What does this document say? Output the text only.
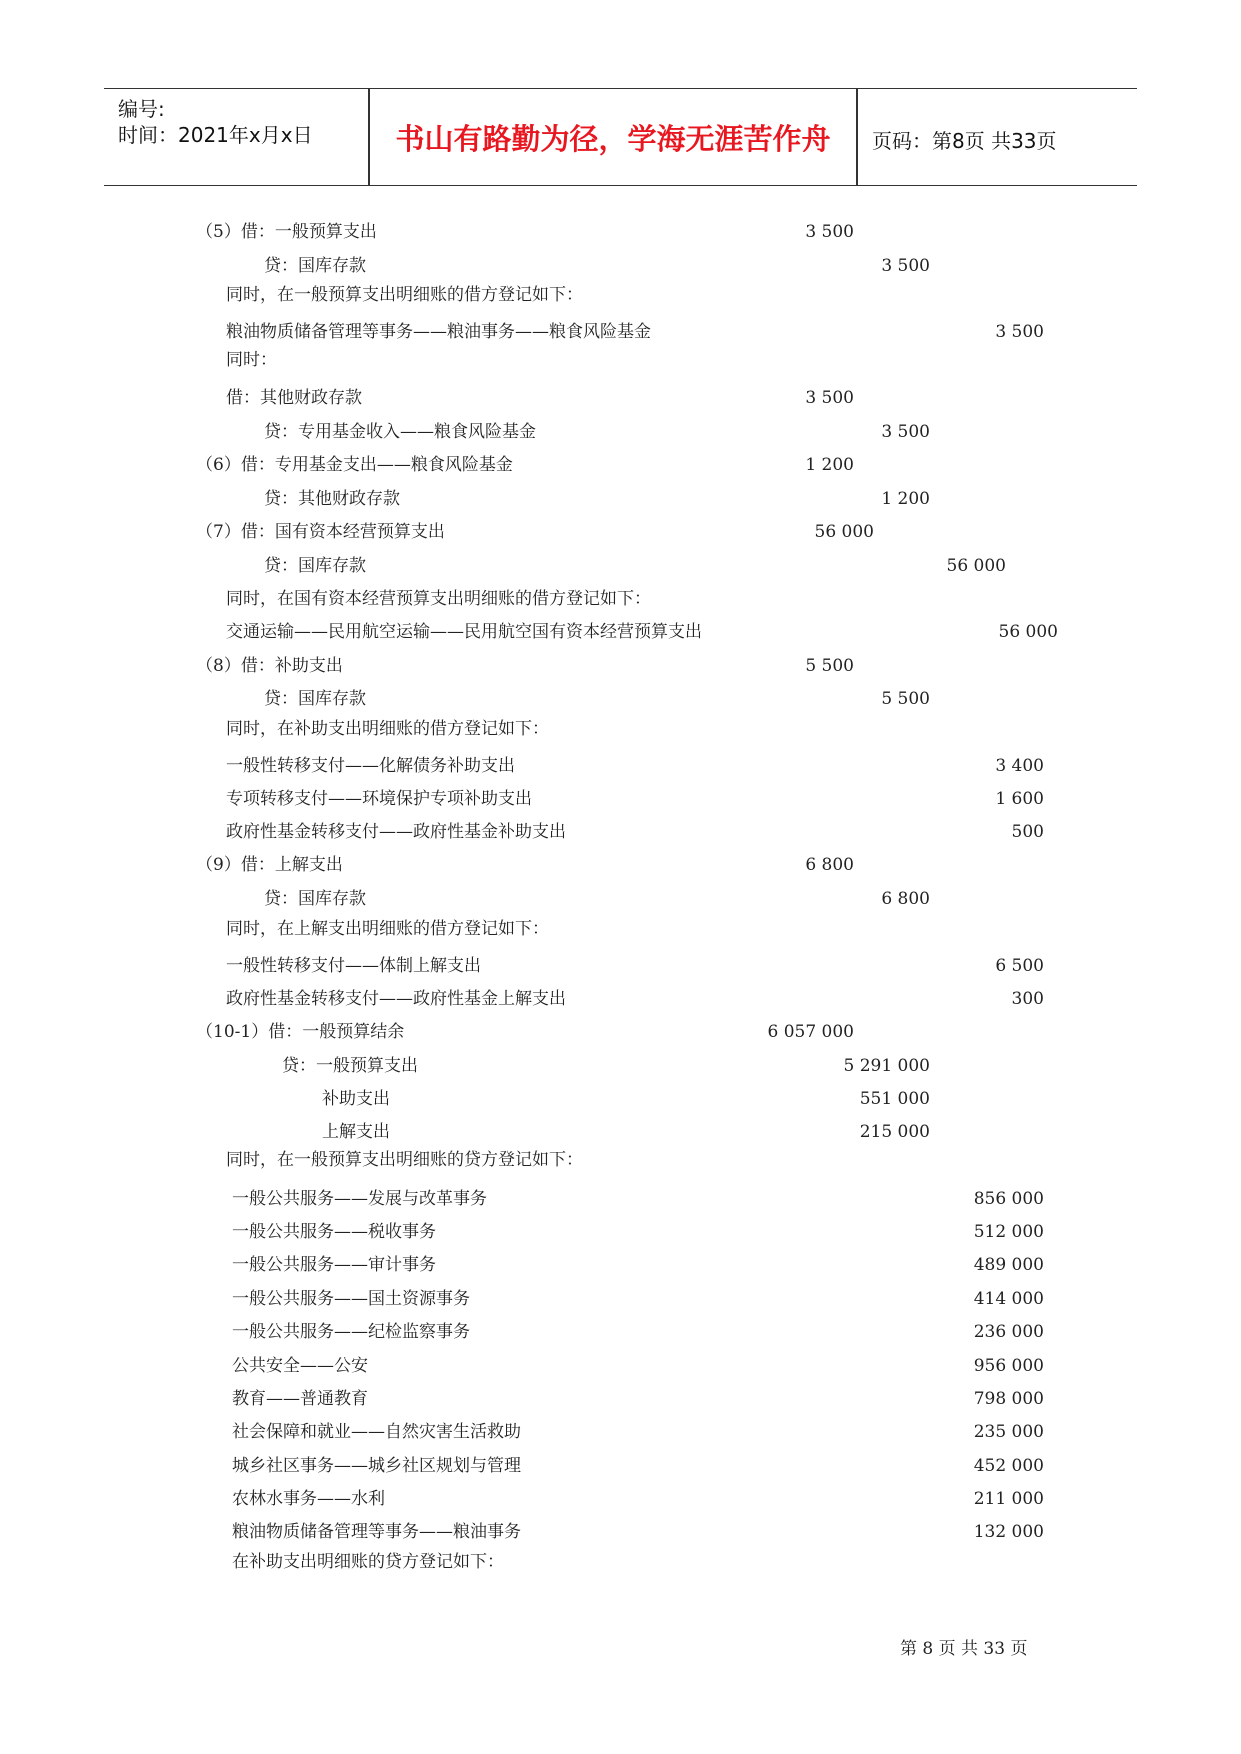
编号:
时间：2021年x月x日	书山有路勤为径，学海无涯苦作舟	页码：第8页 共33页
（5）借：一般预算支出	3 500
贷：国库存款	3 500
同时，在一般预算支出明细账的借方登记如下：
粮油物质储备管理等事务——粮油事务——粮食风险基金	3 500
同时：
借：其他财政存款	3 500
贷：专用基金收入——粮食风险基金	3 500
（6）借：专用基金支出——粮食风险基金	1 200
贷：其他财政存款	1 200
（7）借：国有资本经营预算支出	56 000
贷：国库存款	56 000
同时，在国有资本经营预算支出明细账的借方登记如下：
交通运输——民用航空运输——民用航空国有资本经营预算支出	56 000
（8）借：补助支出	5 500
贷：国库存款	5 500
同时，在补助支出明细账的借方登记如下：
一般性转移支付——化解债务补助支出	3 400
专项转移支付——环境保护专项补助支出	1 600
政府性基金转移支付——政府性基金补助支出	500
（9）借：上解支出	6 800
贷：国库存款	6 800
同时，在上解支出明细账的借方登记如下：
一般性转移支付——体制上解支出	6 500
政府性基金转移支付——政府性基金上解支出	300
（10-1）借：一般预算结余	6 057 000
贷：一般预算支出	5 291 000
补助支出	551 000
上解支出	215 000
同时，在一般预算支出明细账的贷方登记如下：
一般公共服务——发展与改革事务	856 000
一般公共服务——税收事务	512 000
一般公共服务——审计事务	489 000
一般公共服务——国土资源事务	414 000
一般公共服务——纪检监察事务	236 000
公共安全——公安	956 000
教育——普通教育	798 000
社会保障和就业——自然灾害生活救助	235 000
城乡社区事务——城乡社区规划与管理	452 000
农林水事务——水利	211 000
粮油物质储备管理等事务——粮油事务	132 000
在补助支出明细账的贷方登记如下：
第 8 页 共 33 页
